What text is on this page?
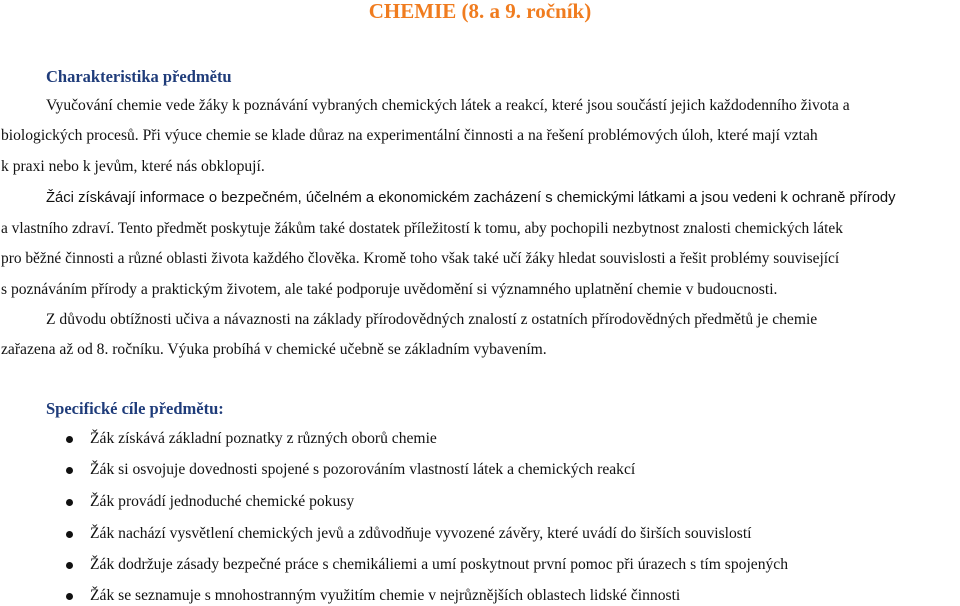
CHEMIE (8. a 9. ročník)
Charakteristika předmětu
Vyučování chemie vede žáky k poznávání vybraných chemických látek a reakcí, které jsou součástí jejich každodenního života a
biologických procesů. Při výuce chemie se klade důraz na experimentální činnosti a na řešení problémových úloh, které mají vztah
k praxi nebo k jevům, které nás obklopují.
Žáci získávají informace o bezpečném, účelném a ekonomickém zacházení s chemickými látkami a jsou vedeni k ochraně přírody
a vlastního zdraví. Tento předmět poskytuje žákům také dostatek příležitostí k tomu, aby pochopili nezbytnost znalosti chemických látek
pro běžné činnosti a různé oblasti života každého člověka. Kromě toho však také učí žáky hledat souvislosti a řešit problémy související
s poznáváním přírody a praktickým životem, ale také podporuje uvědomění si významného uplatnění chemie v budoucnosti.
Z důvodu obtížnosti učiva a návaznosti na základy přírodovědných znalostí z ostatních přírodovědných předmětů je chemie
zařazena až od 8. ročníku. Výuka probíhá v chemické učebně se základním vybavením.
Specifické cíle předmětu:
Žák získává základní poznatky z různých oborů chemie
Žák si osvojuje dovednosti spojené s pozorováním vlastností látek a chemických reakcí
Žák provádí jednoduché chemické pokusy
Žák nachází vysvětlení chemických jevů a zdůvodňuje vyvozené závěry, které uvádí do širších souvislostí
Žák dodržuje zásady bezpečné práce s chemikáliemi a umí poskytnout první pomoc při úrazech s tím spojených
Žák se seznamuje s mnohostranným využitím chemie v nejrůznějších oblastech lidské činnosti
